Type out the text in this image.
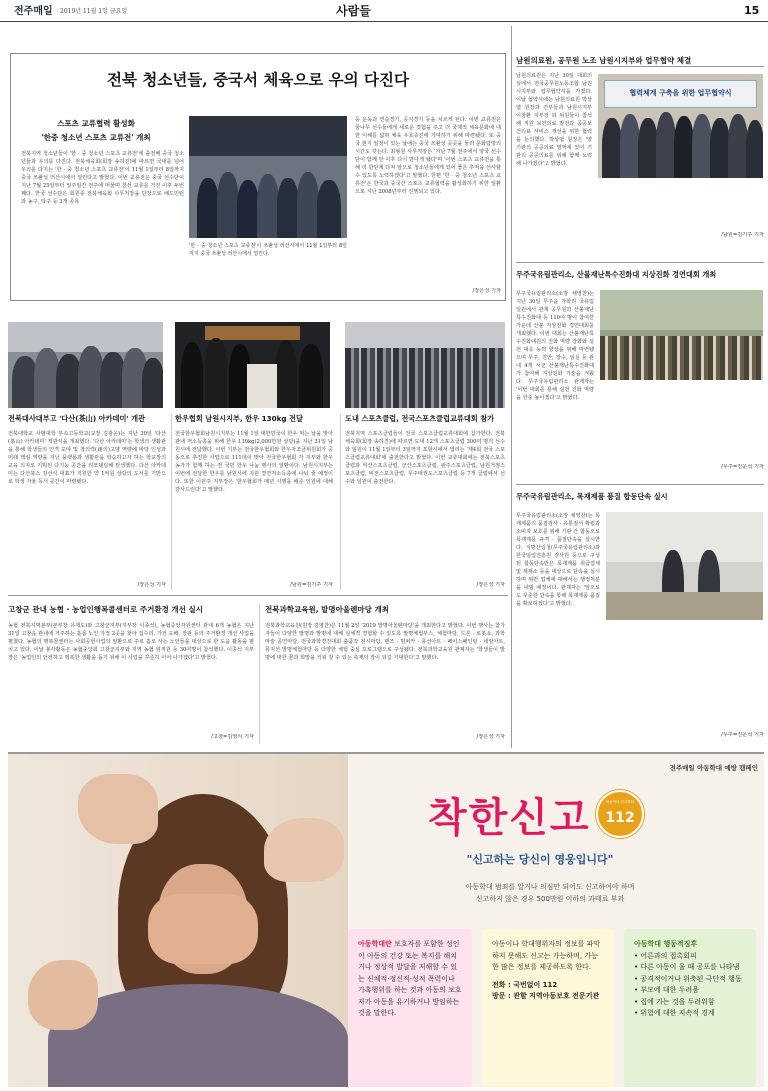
전주매일 2019년 11월 1일 금요일	사람들	15
전북 청소년들, 중국서 체육으로 우의 다진다
스포츠 교류협력 활성화
'한중 청소년 스포츠 교류전' 개최
전북지역 청소년들이 '한 · 중 청소년 스포츠 교류전'에 출전해 중국 청소년들과 우의를 다진다. 전북체육회(회장 송하진)에 따르면 국내를 넘어 우의를 다지는 '한 · 중 청소년 스포츠 교류전'이 11월 1일부터 8일까지 중국 쓰촨성 러산시에서 열린다고 밝혔다. 이번 교류전은 중국 선수단이 지난 7월 25일부터 일주일간 전주에 머물며 친선 교류를 가진 이후 두번째다. 한국 선수단은 회원종 전북체육회 사무처장을 단장으로 배드민턴과 농구, 탁구 등 3개 종목
'한 · 중 청소년 스포츠 교류전'이 쓰촨성 러산시에서 11월 1일부터 8일까지 중국 쓰촨성 러산시에서 열린다.
등 운동과 연습경기, 공식경기 등을 치르게 된다. 이번 교류전은 꿈나무 선수들에게 새로운 경험을 주고 더 국제적 체육문화에 대한 이해를 넓혀 체육 우호증진에 기여하기 위해 마련됐다. 또 중국 현지 일정이 있는 날에는 중국 쓰촨성 곳곳을 둘러 문화탐방의 시간도 갖는다. 최형원 사무처장은 '지난 7월 전주에서 양국 선수단이 함께 한 이후 다시 만나게 됐다'며 '이번 스포츠 교류전을 통해 더 한단계 다져 앞으로 청소년들에게 있어 좋은 추억을 선사할 수 있도록 노력하겠다'고 말했다. 한편 '한 · 중 청소년 스포츠 교류전'은 한국과 중국간 스포츠 교류협력을 활성화하기 위한 일환으로 지난 2008년부터 진행되고 있다.
/장은성 기자
전북대사대부고 '다산(茶山) 아카데미' 개관
전북대학교 사범대학 부속고등학교(교장 김광온)는 지난 30일 '다산(茶山) 아카데미' 개관식을 개최했다. '다산 아카데미'는 학생의 생활관을 통해 학생들의 인격 도야 및 창의력(創의)고양 역량에 바탕 인성과 미래 핵심 역량을 지닌 플랫폼과 생활관을 학습하고자 하는 학교장의 교육 의지로 기획된 다기능 공간을 리모델링해 탄생했다. 다산 아카데미는 다산북스 김선식 대표가 지원한 약 1억원 상당의 도서를 기반으로 학생 자율 독서 공간이 마련됐다.
/장은성 기자
한우협회 남원시지부, 한우 130kg 전달
전국한우협회남원시지부는 11월 1일 대한민국이 한우 먹는 날을 맞아 관내 저소득층을 위해 한우 130kg(2,000만원 상당)을 지난 31일 남원시에 전달했다. 이번 기부는 전국한우협회와 한우자조금위원회가 공동으로 추진한 사업으로 111데이 맞아 전국한우협회 각 지부와 한우농가가 함께 하는 전 국민 한우 나눔 행사의 일환이다. 남원시지부는 이번에 전달한 한우를 남원시에 지원 결연저소득층에 나눠 줄 예정이다. 또한 이원주 지부장은 '한우협회가 매년 시행을 해준 인원에 대해 감사드린다'고 말했다.
/남원=김기주 기자
도내 스포츠클럽, 전국스포츠클럽교류대회 참가
전북지역 스포츠클럽들이 전국 스포츠클럽교류대회에 참가한다. 전북체육회(회장 송하진)에 따르면 도내 12개 스포츠클럽 300여 명의 선수와 임원이 11월 1일부터 3일까지 포항시에서 열리는 '제4회 전국 스포츠클럽교류대회'에 출전한다고 밝혔다. 이번 교류대회에는 전북스포츠클럽과 익산스포츠클럽, 군산스포츠클럽, 완주스포츠클럽, 남원거점스포츠클럽, 비전스포츠클럽, 무주태권도스포츠클럽 등 7개 클럽에서 선수와 임원이 출전한다.
/장은성 기자
고창군 관내 농협 · 농업인행복콜센터로 주거환경 개선 실시
농협 전북지역본부(본부장 유재도)와 고창군지부(지부장 이종석), 농협중앙자원센터 관내 6개 농협은 지난 31일 고창읍 관내에 거주하는 홀몸 노인 가정 2곳을 찾아 집수리, 가전 도배, 장판 등의 주거환경 개선 사업을 펼쳤다. 농협의 행복콜센터는 사회공헌사업의 일환으로 주로 홀로 사는 노인들을 대상으로 한 도움 활동을 펼치고 있다. 이날 봉사활동은 농협중앙회 고창군지부와 지역 농협 임직원 등 30여명이 참석했다. 이종석 지부장은 '농업인의 안전하고 행복한 생활을 돕기 위해 이 사업을 꾸준히 이어 나가겠다'고 밝혔다.
/고창=김영식 기자
전북과학교육원, 발명아울렌마당 개최
전북과학교육원(원장 김영찬)은 11월 2일 '2019 발명아울렌마당'을 개최한다고 밝혔다. 이번 행사는 참가자들이 다양한 발명과 발명에 대해 실체적 경험할 수 있도록 발명체험부스, 체험마당, 드론 · 로봇쇼, 과학마술 공연마당, 전국과학경진대회 출품작 전시마당, 렌즈 · 범퍼카 · 풍선아트 · 페이스페인팅 · 네일아트, 뮤지션 발명체험마당 등 다양한 체험 중심 프로그램으로 구성됐다. 전북과학교육원 관계자는 '학생들이 발명에 대한 꿈과 희망을 키워 갈 수 있는 축제의 장이 되길 기대한다'고 말했다.
/장은성 기자
남원의료원, 공무원 노조 남원시지부와 업무협약 체결
남원의료원은 지난 30일 대회의실에서 전국공무원노동조합 남원시지부와 업무협약식을 가졌다. 이날 협약식에는 남원의료원 박상엽 원장과 간부들과 남원시지부 이창환 지부장 외 위원들이 참석해 직원 보건의료 발전과 공공보건의료 서비스 개선을 위한 협력을 논의했다. 박상엽 원장은 '양 기관의 공공의료 영역에 있어 기관의 공공의료를 위해 함께 노력해 나가겠다'고 밝혔다.
협력체계 구축을 위한 업무협약식
/남원=김기주 기자
무주국유림관리소, 산불재난특수진화대 지상진화 경연대회 개최
무주국유림관리소(소장 채영찬)는 지난 30일 무주읍 가학리 국유림 일원에서 관계 공무원과 산불재난특수진화대 등 110여 명이 참여한 가운데 산불 지상진화 경연대회를 개최했다. 이번 대회는 산불재난특수진화대원의 진화 역량 강화와 실전 대응 능력 향상을 위해 마련됐으며 무주, 진안, 장수, 임실 등 관내 4개 시군 산불재난특수진화대가 참여해 지상진화 기술을 겨뤘다. 무주국유림관리소 관계자는 '이번 대회를 통해 실전 진화 역량을 한층 높이겠다'고 밝혔다.
/무주=진운석 기자
무주국유림관리소, 목재제품 품질 합동단속 실시
무주국유림관리소(소장 채영찬)는 목재제품의 품질검사 · 유통질서 확립과 소비자 보호를 위해 기관 간 합동으로 목재제품 규격 · 품질단속을 실시한다. 지방산림청(무주국유림관리소)과 한국임업진흥원 검사원 등으로 구성된 합동단속반은 목재제품 취급업체 및 제재소 등을 대상으로 단속을 실시하며 위반 업체에 대해서는 행정처분을 내릴 예정이다. 관계자는 '앞으로도 꾸준한 단속을 통해 목재제품 품질을 확보하겠다'고 밝혔다.
/무주=진운석 기자
전주매일 아동학대 예방 캠페인
착한신고	아동학대 신고전화
112
"신고하는 당신이 영웅입니다"
아동학대 범죄를 알거나 의심만 되어도 신고하여야 하며
신고하지 않은 경우 500만원 이하의 과태료 부과
아동학대란 보호자를 포함한 성인이 아동의 건강 또는 복지를 해치거나 정상적 발달을 저해할 수 있는 신체적·정신적·성적 폭력이나 가혹행위를 하는 것과 아동의 보호자가 아동을 유기하거나 방임하는 것을 말한다.
아동이나 학대행위자의 정보를 파악하지 못해도 신고는 가능하며, 가능한 많은 정보를 제공하도록 한다.
전화 : 국번없이 112
방문 : 관할 지역아동보호 전문기관
아동학대 행동적징후
• 어른과의 접촉회피
• 다른 아동이 울 때 공포를 나타냄
• 공격적이거나 위축된 극단적 행동
• 부모에 대한 두려움
• 집에 가는 것을 두려워함
• 위험에 대한 지속적 경계
